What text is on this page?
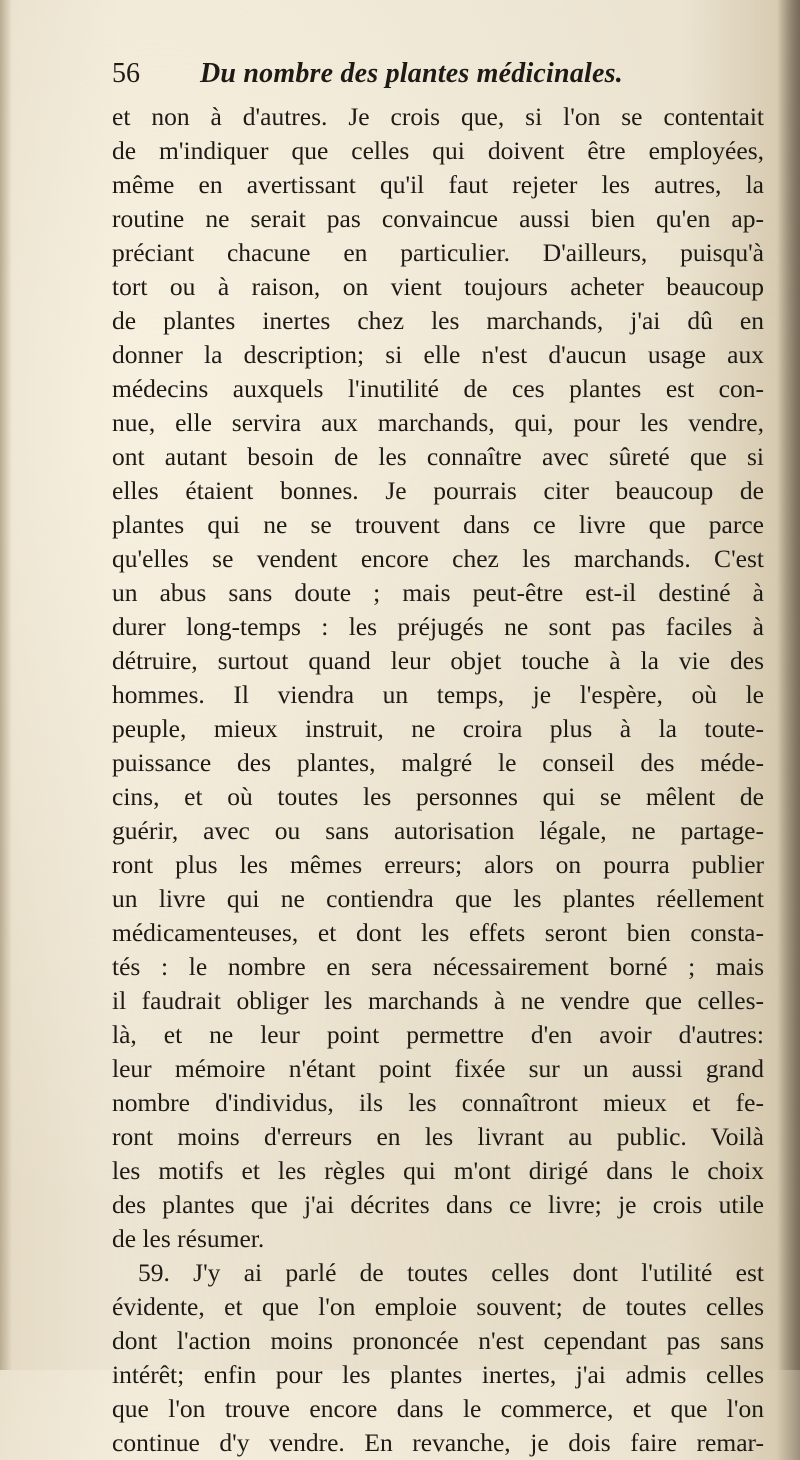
56 Du nombre des plantes médicinales.
et non à d'autres. Je crois que, si l'on se contentait
de m'indiquer que celles qui doivent être employées,
même en avertissant qu'il faut rejeter les autres, la
routine ne serait pas convaincue aussi bien qu'en ap-
préciant chacune en particulier. D'ailleurs, puisqu'à
tort ou à raison, on vient toujours acheter beaucoup
de plantes inertes chez les marchands, j'ai dû en
donner la description; si elle n'est d'aucun usage aux
médecins auxquels l'inutilité de ces plantes est con-
nue, elle servira aux marchands, qui, pour les vendre,
ont autant besoin de les connaître avec sûreté que si
elles étaient bonnes. Je pourrais citer beaucoup de
plantes qui ne se trouvent dans ce livre que parce
qu'elles se vendent encore chez les marchands. C'est
un abus sans doute ; mais peut-être est-il destiné à
durer long-temps : les préjugés ne sont pas faciles à
détruire, surtout quand leur objet touche à la vie des
hommes. Il viendra un temps, je l'espère, où le
peuple, mieux instruit, ne croira plus à la toute-
puissance des plantes, malgré le conseil des méde-
cins, et où toutes les personnes qui se mêlent de
guérir, avec ou sans autorisation légale, ne partage-
ront plus les mêmes erreurs; alors on pourra publier
un livre qui ne contiendra que les plantes réellement
médicamenteuses, et dont les effets seront bien consta-
tés : le nombre en sera nécessairement borné ; mais
il faudrait obliger les marchands à ne vendre que celles-
là, et ne leur point permettre d'en avoir d'autres:
leur mémoire n'étant point fixée sur un aussi grand
nombre d'individus, ils les connaîtront mieux et fe-
ront moins d'erreurs en les livrant au public. Voilà
les motifs et les règles qui m'ont dirigé dans le choix
des plantes que j'ai décrites dans ce livre; je crois utile
de les résumer.
59. J'y ai parlé de toutes celles dont l'utilité est
évidente, et que l'on emploie souvent; de toutes celles
dont l'action moins prononcée n'est cependant pas sans
intérêt; enfin pour les plantes inertes, j'ai admis celles
que l'on trouve encore dans le commerce, et que l'on
continue d'y vendre. En revanche, je dois faire remar-
